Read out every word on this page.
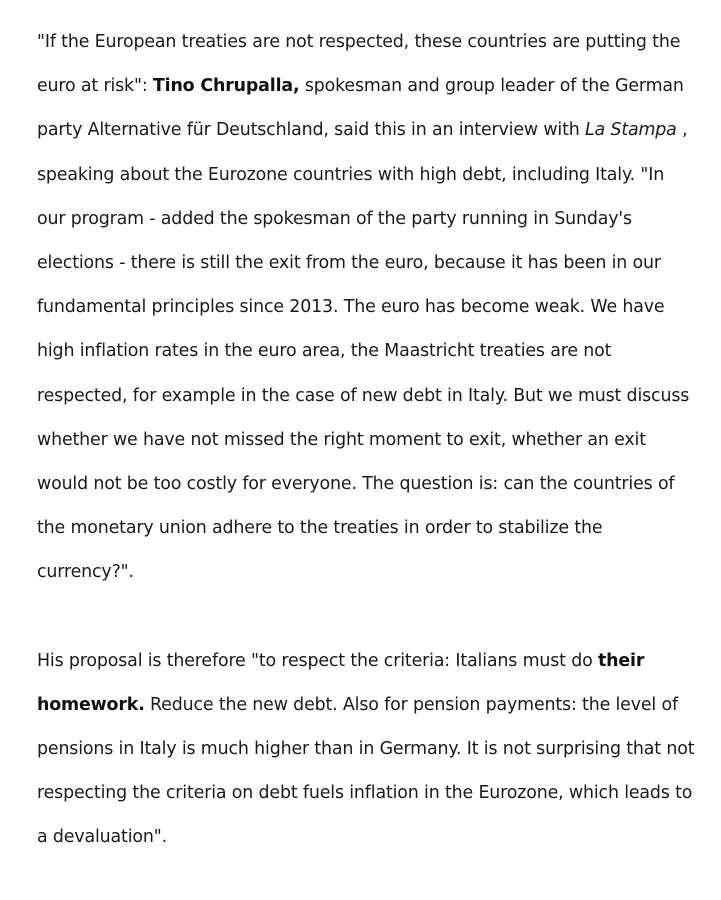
"If the European treaties are not respected, these countries are putting the euro at risk": Tino Chrupalla, spokesman and group leader of the German party Alternative für Deutschland, said this in an interview with La Stampa , speaking about the Eurozone countries with high debt, including Italy. "In our program - added the spokesman of the party running in Sunday's elections - there is still the exit from the euro, because it has been in our fundamental principles since 2013. The euro has become weak. We have high inflation rates in the euro area, the Maastricht treaties are not respected, for example in the case of new debt in Italy. But we must discuss whether we have not missed the right moment to exit, whether an exit would not be too costly for everyone. The question is: can the countries of the monetary union adhere to the treaties in order to stabilize the currency?".

His proposal is therefore "to respect the criteria: Italians must do their homework. Reduce the new debt. Also for pension payments: the level of pensions in Italy is much higher than in Germany. It is not surprising that not respecting the criteria on debt fuels inflation in the Eurozone, which leads to a devaluation".
